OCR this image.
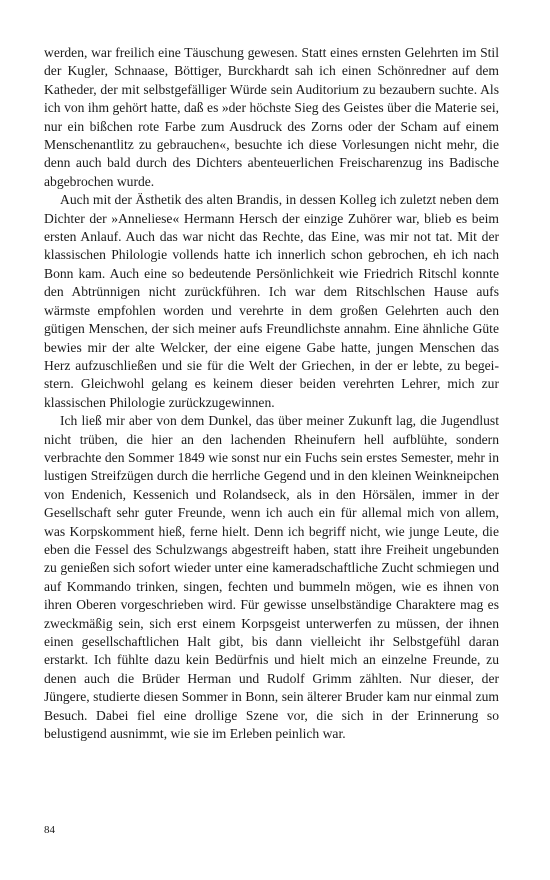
werden, war freilich eine Täuschung gewesen. Statt eines ernsten Gelehrten im Stil der Kugler, Schnaase, Böttiger, Burckhardt sah ich einen Schönredner auf dem Katheder, der mit selbstgefälliger Würde sein Auditorium zu bezaubern suchte. Als ich von ihm gehört hatte, daß es »der höchste Sieg des Geistes über die Materie sei, nur ein bißchen rote Farbe zum Ausdruck des Zorns oder der Scham auf einem Menschenantlitz zu gebrauchen«, besuchte ich diese Vorlesungen nicht mehr, die denn auch bald durch des Dichters abenteuerlichen Freischarenzug ins Badische abgebrochen wurde.

Auch mit der Ästhetik des alten Brandis, in dessen Kolleg ich zuletzt neben dem Dichter der »Anneliese« Hermann Hersch der einzige Zuhörer war, blieb es beim ersten Anlauf. Auch das war nicht das Rechte, das Eine, was mir not tat. Mit der klassischen Philologie vollends hatte ich innerlich schon gebrochen, eh ich nach Bonn kam. Auch eine so bedeutende Persönlichkeit wie Friedrich Ritschl konnte den Abtrünnigen nicht zurückführen. Ich war dem Ritschlschen Hause aufs wärmste empfohlen worden und verehrte in dem großen Gelehrten auch den gütigen Menschen, der sich meiner aufs Freundlichste annahm. Eine ähnliche Güte bewies mir der alte Welcker, der eine eigene Gabe hatte, jungen Menschen das Herz aufzuschließen und sie für die Welt der Griechen, in der er lebte, zu begeistern. Gleichwohl gelang es keinem dieser beiden verehrten Lehrer, mich zur klassischen Philologie zurückzugewinnen.

Ich ließ mir aber von dem Dunkel, das über meiner Zukunft lag, die Jugendlust nicht trüben, die hier an den lachenden Rheinufern hell aufblühte, sondern verbrachte den Sommer 1849 wie sonst nur ein Fuchs sein erstes Semester, mehr in lustigen Streifzügen durch die herrliche Gegend und in den kleinen Weinkneipchen von Endenich, Kessenich und Rolandseck, als in den Hörsälen, immer in der Gesellschaft sehr guter Freunde, wenn ich auch ein für allemal mich von allem, was Korpskomment hieß, ferne hielt. Denn ich begriff nicht, wie junge Leute, die eben die Fessel des Schulzwangs abgestreift haben, statt ihre Freiheit ungebunden zu genießen sich sofort wieder unter eine kameradschaftliche Zucht schmiegen und auf Kommando trinken, singen, fechten und bummeln mögen, wie es ihnen von ihren Oberen vorgeschrieben wird. Für gewisse unselbständige Charaktere mag es zweckmäßig sein, sich erst einem Korpsgeist unterwerfen zu müssen, der ihnen einen gesellschaftlichen Halt gibt, bis dann vielleicht ihr Selbstgefühl daran erstarkt. Ich fühlte dazu kein Bedürfnis und hielt mich an einzelne Freunde, zu denen auch die Brüder Herman und Rudolf Grimm zählten. Nur dieser, der Jüngere, studierte diesen Sommer in Bonn, sein älterer Bruder kam nur einmal zum Besuch. Dabei fiel eine drollige Szene vor, die sich in der Erinnerung so belustigend ausnimmt, wie sie im Erleben peinlich war.

84
